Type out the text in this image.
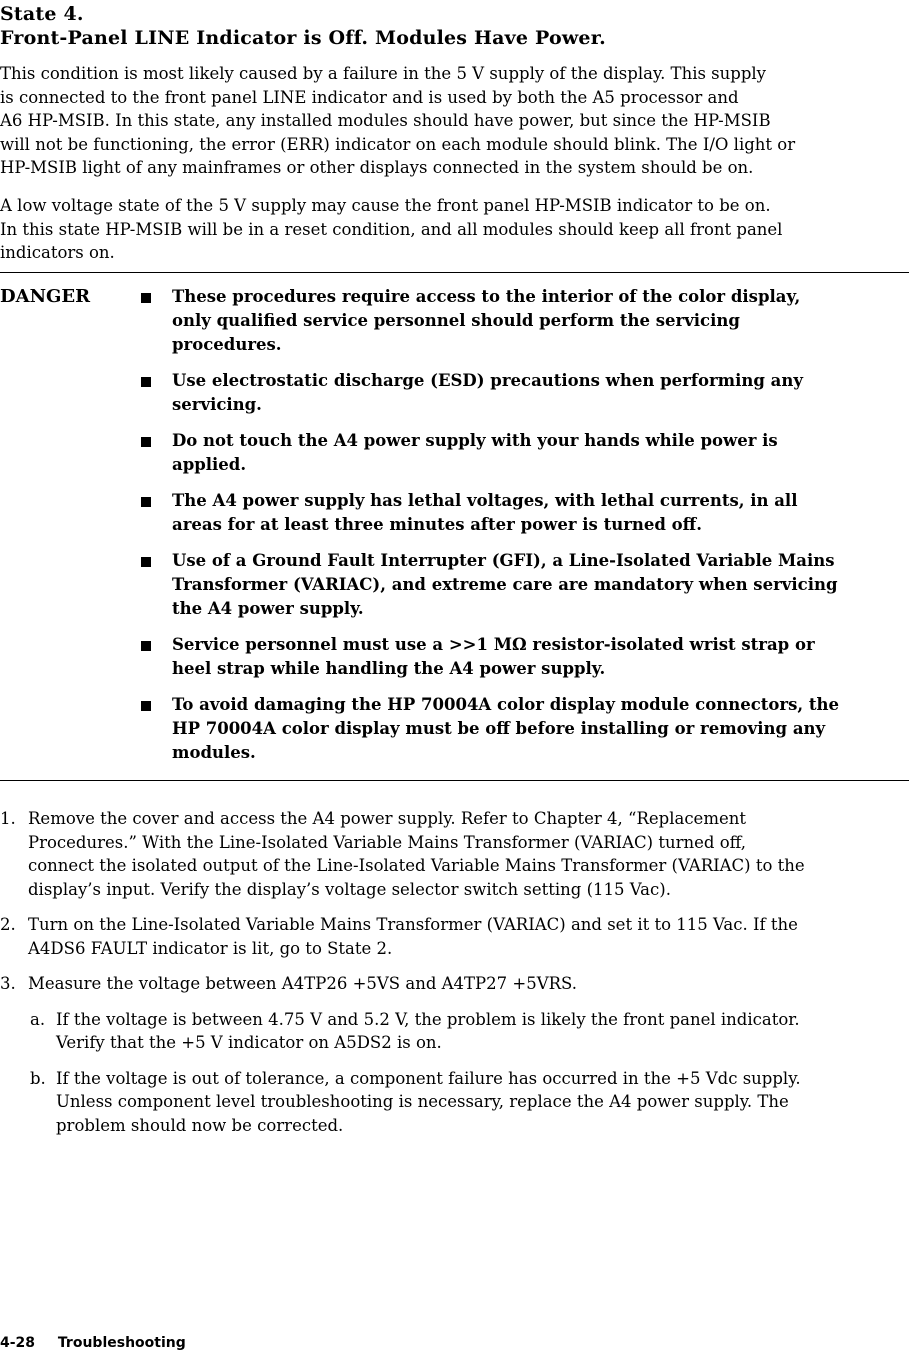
State 4.
Front-Panel LINE Indicator is Off. Modules Have Power.
This condition is most likely caused by a failure in the 5 V supply of the display. This supply
is connected to the front panel LINE indicator and is used by both the A5 processor and
A6 HP-MSIB. In this state, any installed modules should have power, but since the HP-MSIB
will not be functioning, the error (ERR) indicator on each module should blink. The I/O light or
HP-MSIB light of any mainframes or other displays connected in the system should be on.
A low voltage state of the 5 V supply may cause the front panel HP-MSIB indicator to be on.
In this state HP-MSIB will be in a reset condition, and all modules should keep all front panel
indicators on.
DANGER	These procedures require access to the interior of the color display,
only qualified service personnel should perform the servicing
procedures.
Use electrostatic discharge (ESD) precautions when performing any
servicing.
Do not touch the A4 power supply with your hands while power is
applied.
The A4 power supply has lethal voltages, with lethal currents, in all
areas for at least three minutes after power is turned off.
Use of a Ground Fault Interrupter (GFI), a Line-Isolated Variable Mains
Transformer (VARIAC), and extreme care are mandatory when servicing
the A4 power supply.
Service personnel must use a >>1 MΩ resistor-isolated wrist strap or
heel strap while handling the A4 power supply.
To avoid damaging the HP 70004A color display module connectors, the
HP 70004A color display must be off before installing or removing any
modules.
1. Remove the cover and access the A4 power supply. Refer to Chapter 4, “Replacement
Procedures.” With the Line-Isolated Variable Mains Transformer (VARIAC) turned off,
connect the isolated output of the Line-Isolated Variable Mains Transformer (VARIAC) to the
display’s input. Verify the display’s voltage selector switch setting (115 Vac).
2. Turn on the Line-Isolated Variable Mains Transformer (VARIAC) and set it to 115 Vac. If the
A4DS6 FAULT indicator is lit, go to State 2.
3. Measure the voltage between A4TP26 +5VS and A4TP27 +5VRS.
a. If the voltage is between 4.75 V and 5.2 V, the problem is likely the front panel indicator.
Verify that the +5 V indicator on A5DS2 is on.
b. If the voltage is out of tolerance, a component failure has occurred in the +5 Vdc supply.
Unless component level troubleshooting is necessary, replace the A4 power supply. The
problem should now be corrected.
4-28 Troubleshooting
